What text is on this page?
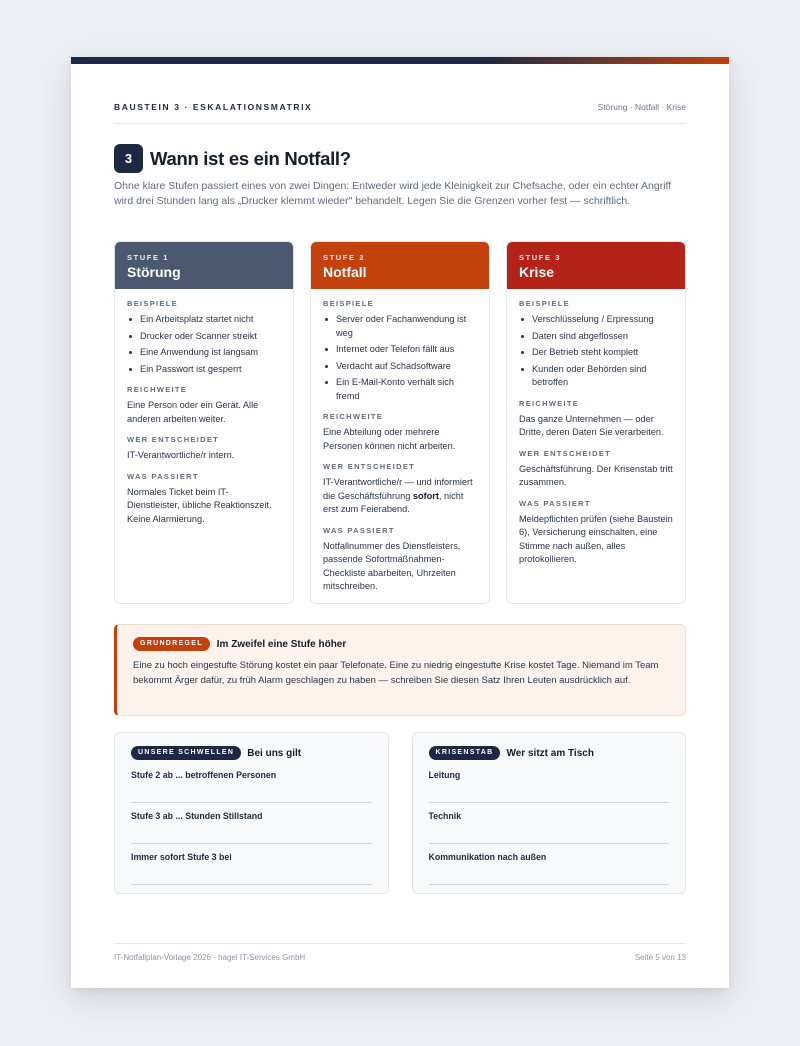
BAUSTEIN 3 · ESKALATIONSMATRIX	Störung · Notfall · Krise
3 Wann ist es ein Notfall?

Ohne klare Stufen passiert eines von zwei Dingen: Entweder wird jede Kleinigkeit zur Chefsache, oder ein echter Angriff wird drei Stunden lang als „Drucker klemmt wieder" behandelt. Legen Sie die Grenzen vorher fest — schriftlich.

STUFE 1
Störung
BEISPIELE
Ein Arbeitsplatz startet nicht
Drucker oder Scanner streikt
Eine Anwendung ist langsam
Ein Passwort ist gesperrt
REICHWEITE

Eine Person oder ein Gerät. Alle anderen arbeiten weiter.

WER ENTSCHEIDET

IT-Verantwortliche/r intern.

WAS PASSIERT

Normales Ticket beim IT-Dienstleister, übliche Reaktionszeit. Keine Alarmierung.

STUFE 2
Notfall
BEISPIELE
Server oder Fachanwendung ist weg
Internet oder Telefon fällt aus
Verdacht auf Schadsoftware
Ein E-Mail-Konto verhält sich fremd
REICHWEITE

Eine Abteilung oder mehrere Personen können nicht arbeiten.

WER ENTSCHEIDET

IT-Verantwortliche/r — und informiert die Geschäftsführung sofort, nicht erst zum Feierabend.

WAS PASSIERT

Notfallnummer des Dienstleisters, passende Sofortmaßnahmen-Checkliste abarbeiten, Uhrzeiten mitschreiben.

STUFE 3
Krise
BEISPIELE
Verschlüsselung / Erpressung
Daten sind abgeflossen
Der Betrieb steht komplett
Kunden oder Behörden sind betroffen
REICHWEITE

Das ganze Unternehmen — oder Dritte, deren Daten Sie verarbeiten.

WER ENTSCHEIDET

Geschäftsführung. Der Krisenstab tritt zusammen.

WAS PASSIERT

Meldepflichten prüfen (siehe Baustein 6), Versicherung einschalten, eine Stimme nach außen, alles protokollieren.

GRUNDREGEL	Im Zweifel eine Stufe höher

Eine zu hoch eingestufte Störung kostet ein paar Telefonate. Eine zu niedrig eingestufte Krise kostet Tage. Niemand im Team bekommt Ärger dafür, zu früh Alarm geschlagen zu haben — schreiben Sie diesen Satz Ihren Leuten ausdrücklich auf.

UNSERE SCHWELLEN	Bei uns gilt
Stufe 2 ab ... betroffenen Personen
Stufe 3 ab ... Stunden Stillstand
Immer sofort Stufe 3 bei
KRISENSTAB	Wer sitzt am Tisch
Leitung
Technik
Kommunikation nach außen
IT-Notfallplan-Vorlage 2026 · hagel IT-Services GmbH	Seite 5 von 13
